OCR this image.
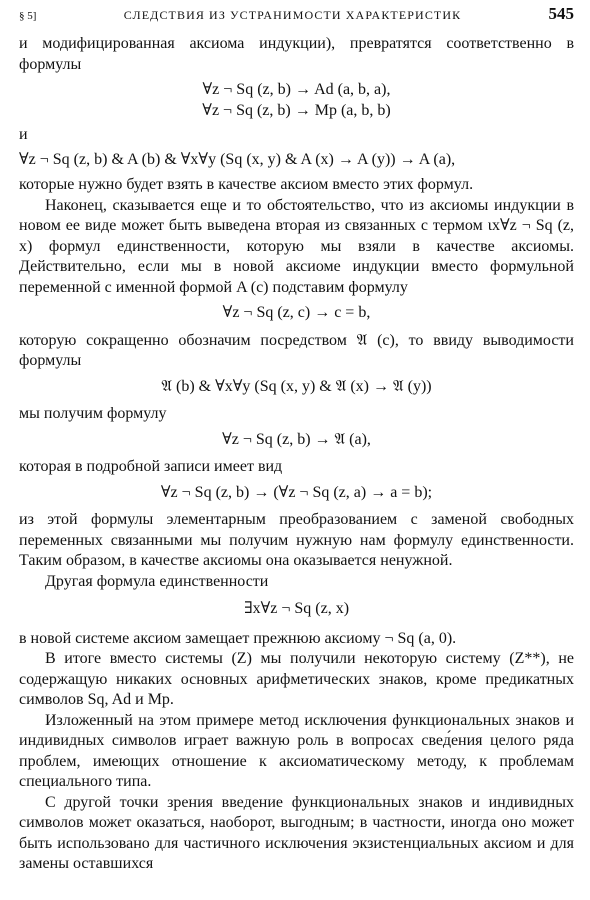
§ 5]	СЛЕДСТВИЯ ИЗ УСТРАНИМОСТИ ХАРАКТЕРИСТИК	545

и модифицированная аксиома индукции), превратятся соответственно в формулы

∀z ¬ Sq (z, b) → Ad (a, b, a),

∀z ¬ Sq (z, b) → Mp (a, b, b)

и

∀z ¬ Sq (z, b) & A (b) & ∀x∀y (Sq (x, y) & A (x) → A (y)) → A (a),

которые нужно будет взять в качестве аксиом вместо этих формул.

Наконец, сказывается еще и то обстоятельство, что из аксиомы индукции в новом ее виде может быть выведена вторая из связанных с термом ιx∀z ¬ Sq (z, x) формул единственности, которую мы взяли в качестве аксиомы. Действительно, если мы в новой аксиоме индукции вместо формульной переменной с именной формой A (c) подставим формулу

∀z ¬ Sq (z, c) → c = b,

которую сокращенно обозначим посредством 𝔄 (c), то ввиду выводимости формулы

𝔄 (b) & ∀x∀y (Sq (x, y) & 𝔄 (x) → 𝔄 (y))

мы получим формулу

∀z ¬ Sq (z, b) → 𝔄 (a),

которая в подробной записи имеет вид

∀z ¬ Sq (z, b) → (∀z ¬ Sq (z, a) → a = b);

из этой формулы элементарным преобразованием с заменой свободных переменных связанными мы получим нужную нам формулу единственности. Таким образом, в качестве аксиомы она оказывается ненужной.

Другая формула единственности

∃x∀z ¬ Sq (z, x)

в новой системе аксиом замещает прежнюю аксиому ¬ Sq (a, 0).

В итоге вместо системы (Z) мы получили некоторую систему (Z**), не содержащую никаких основных арифметических знаков, кроме предикатных символов Sq, Ad и Mp.

Изложенный на этом примере метод исключения функциональных знаков и индивидных символов играет важную роль в вопросах свед́ения целого ряда проблем, имеющих отношение к аксиоматическому методу, к проблемам специального типа.

С другой точки зрения введение функциональных знаков и индивидных символов может оказаться, наоборот, выгодным; в частности, иногда оно может быть использовано для частичного исключения экзистенциальных аксиом и для замены оставшихся
